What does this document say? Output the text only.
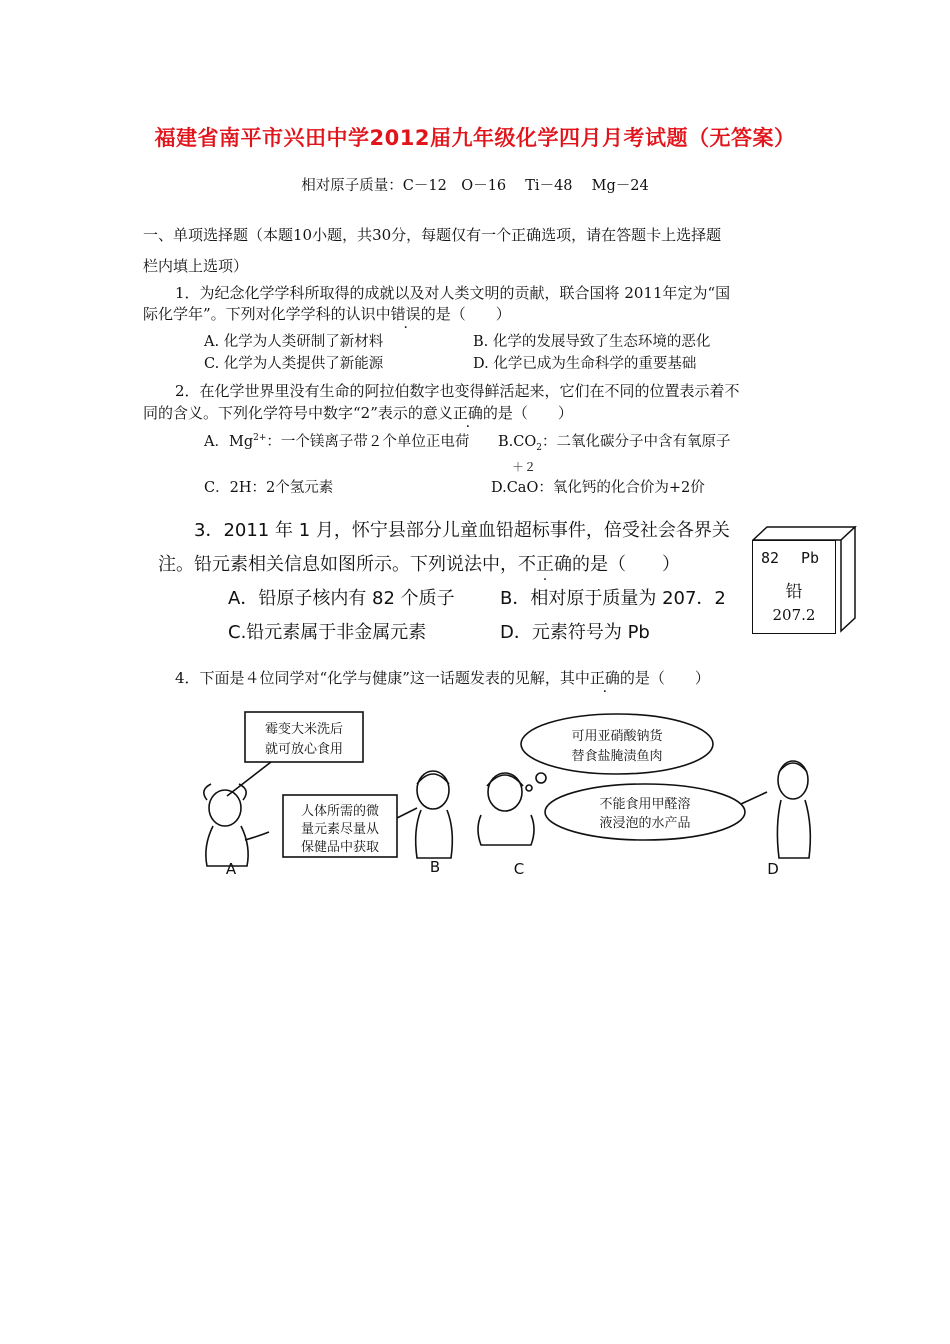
福建省南平市兴田中学2012届九年级化学四月月考试题（无答案）
相对原子质量：C－12　O－16　 Ti－48　 Mg－24
一、单项选择题（本题10小题，共30分，每题仅有一个正确选项，请在答题卡上选择题
栏内填上选项）
1．为纪念化学学科所取得的成就以及对人类文明的贡献，联合国将 2011年定为“国
际化学年”。下列对化学学科的认识中错误的是（　　）
A. 化学为人类研制了新材料	B. 化学的发展导致了生态环境的恶化
C. 化学为人类提供了新能源	D. 化学已成为生命科学的重要基础
2．在化学世界里没有生命的阿拉伯数字也变得鲜活起来，它们在不同的位置表示着不
同的含义。下列化学符号中数字“2”表示的意义正确的是（　　）
A．$Mg^{2+}$：一个镁离子带２个单位正电荷 $B.CO_2$：二氧化碳分子中含有氧原子
＋２
C．2H：2个氢元素	D.CaO：氧化钙的化合价为+2价
3．2011 年 1 月，怀宁县部分儿童血铅超标事件，倍受社会各界关
注。铅元素相关信息如图所示。下列说法中，不正确的是（　　）
A．铅原子核内有 82 个质子	B．相对原于质量为 207．2
C.铅元素属于非金属元素	D．元素符号为 Pb
82 Pb
铅
207.2
4．下面是４位同学对“化学与健康”这一话题发表的见解，其中正确的是（　　）
霉变大米洗后
就可放心食用
人体所需的微
量元素尽量从
保健品中获取
可用亚硝酸钠货
替食盐腌渍鱼肉
不能食用甲醛溶
液浸泡的水产品
A	B	C	D
